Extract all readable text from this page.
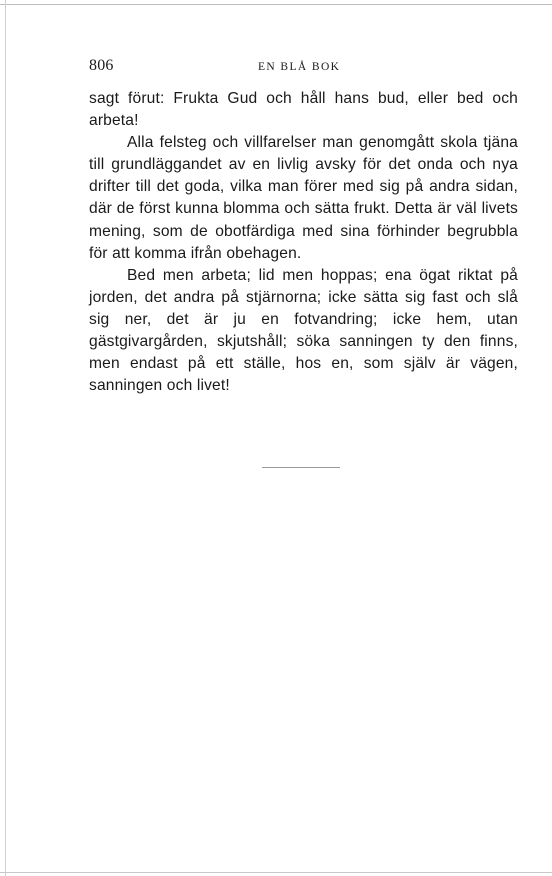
806	EN BLÅ BOK

sagt förut: Frukta Gud och håll hans bud, eller bed och arbeta!

Alla felsteg och villfarelser man genomgått skola tjäna till grundläggandet av en livlig avsky för det onda och nya drifter till det goda, vilka man förer med sig på andra sidan, där de först kunna blomma och sätta frukt. Detta är väl livets mening, som de obotfärdiga med sina förhinder begrubbla för att komma ifrån obehagen.

Bed men arbeta; lid men hoppas; ena ögat riktat på jorden, det andra på stjärnorna; icke sätta sig fast och slå sig ner, det är ju en fotvandring; icke hem, utan gästgivargården, skjutshåll; söka sanningen ty den finns, men endast på ett ställe, hos en, som själv är vägen, sanningen och livet!
